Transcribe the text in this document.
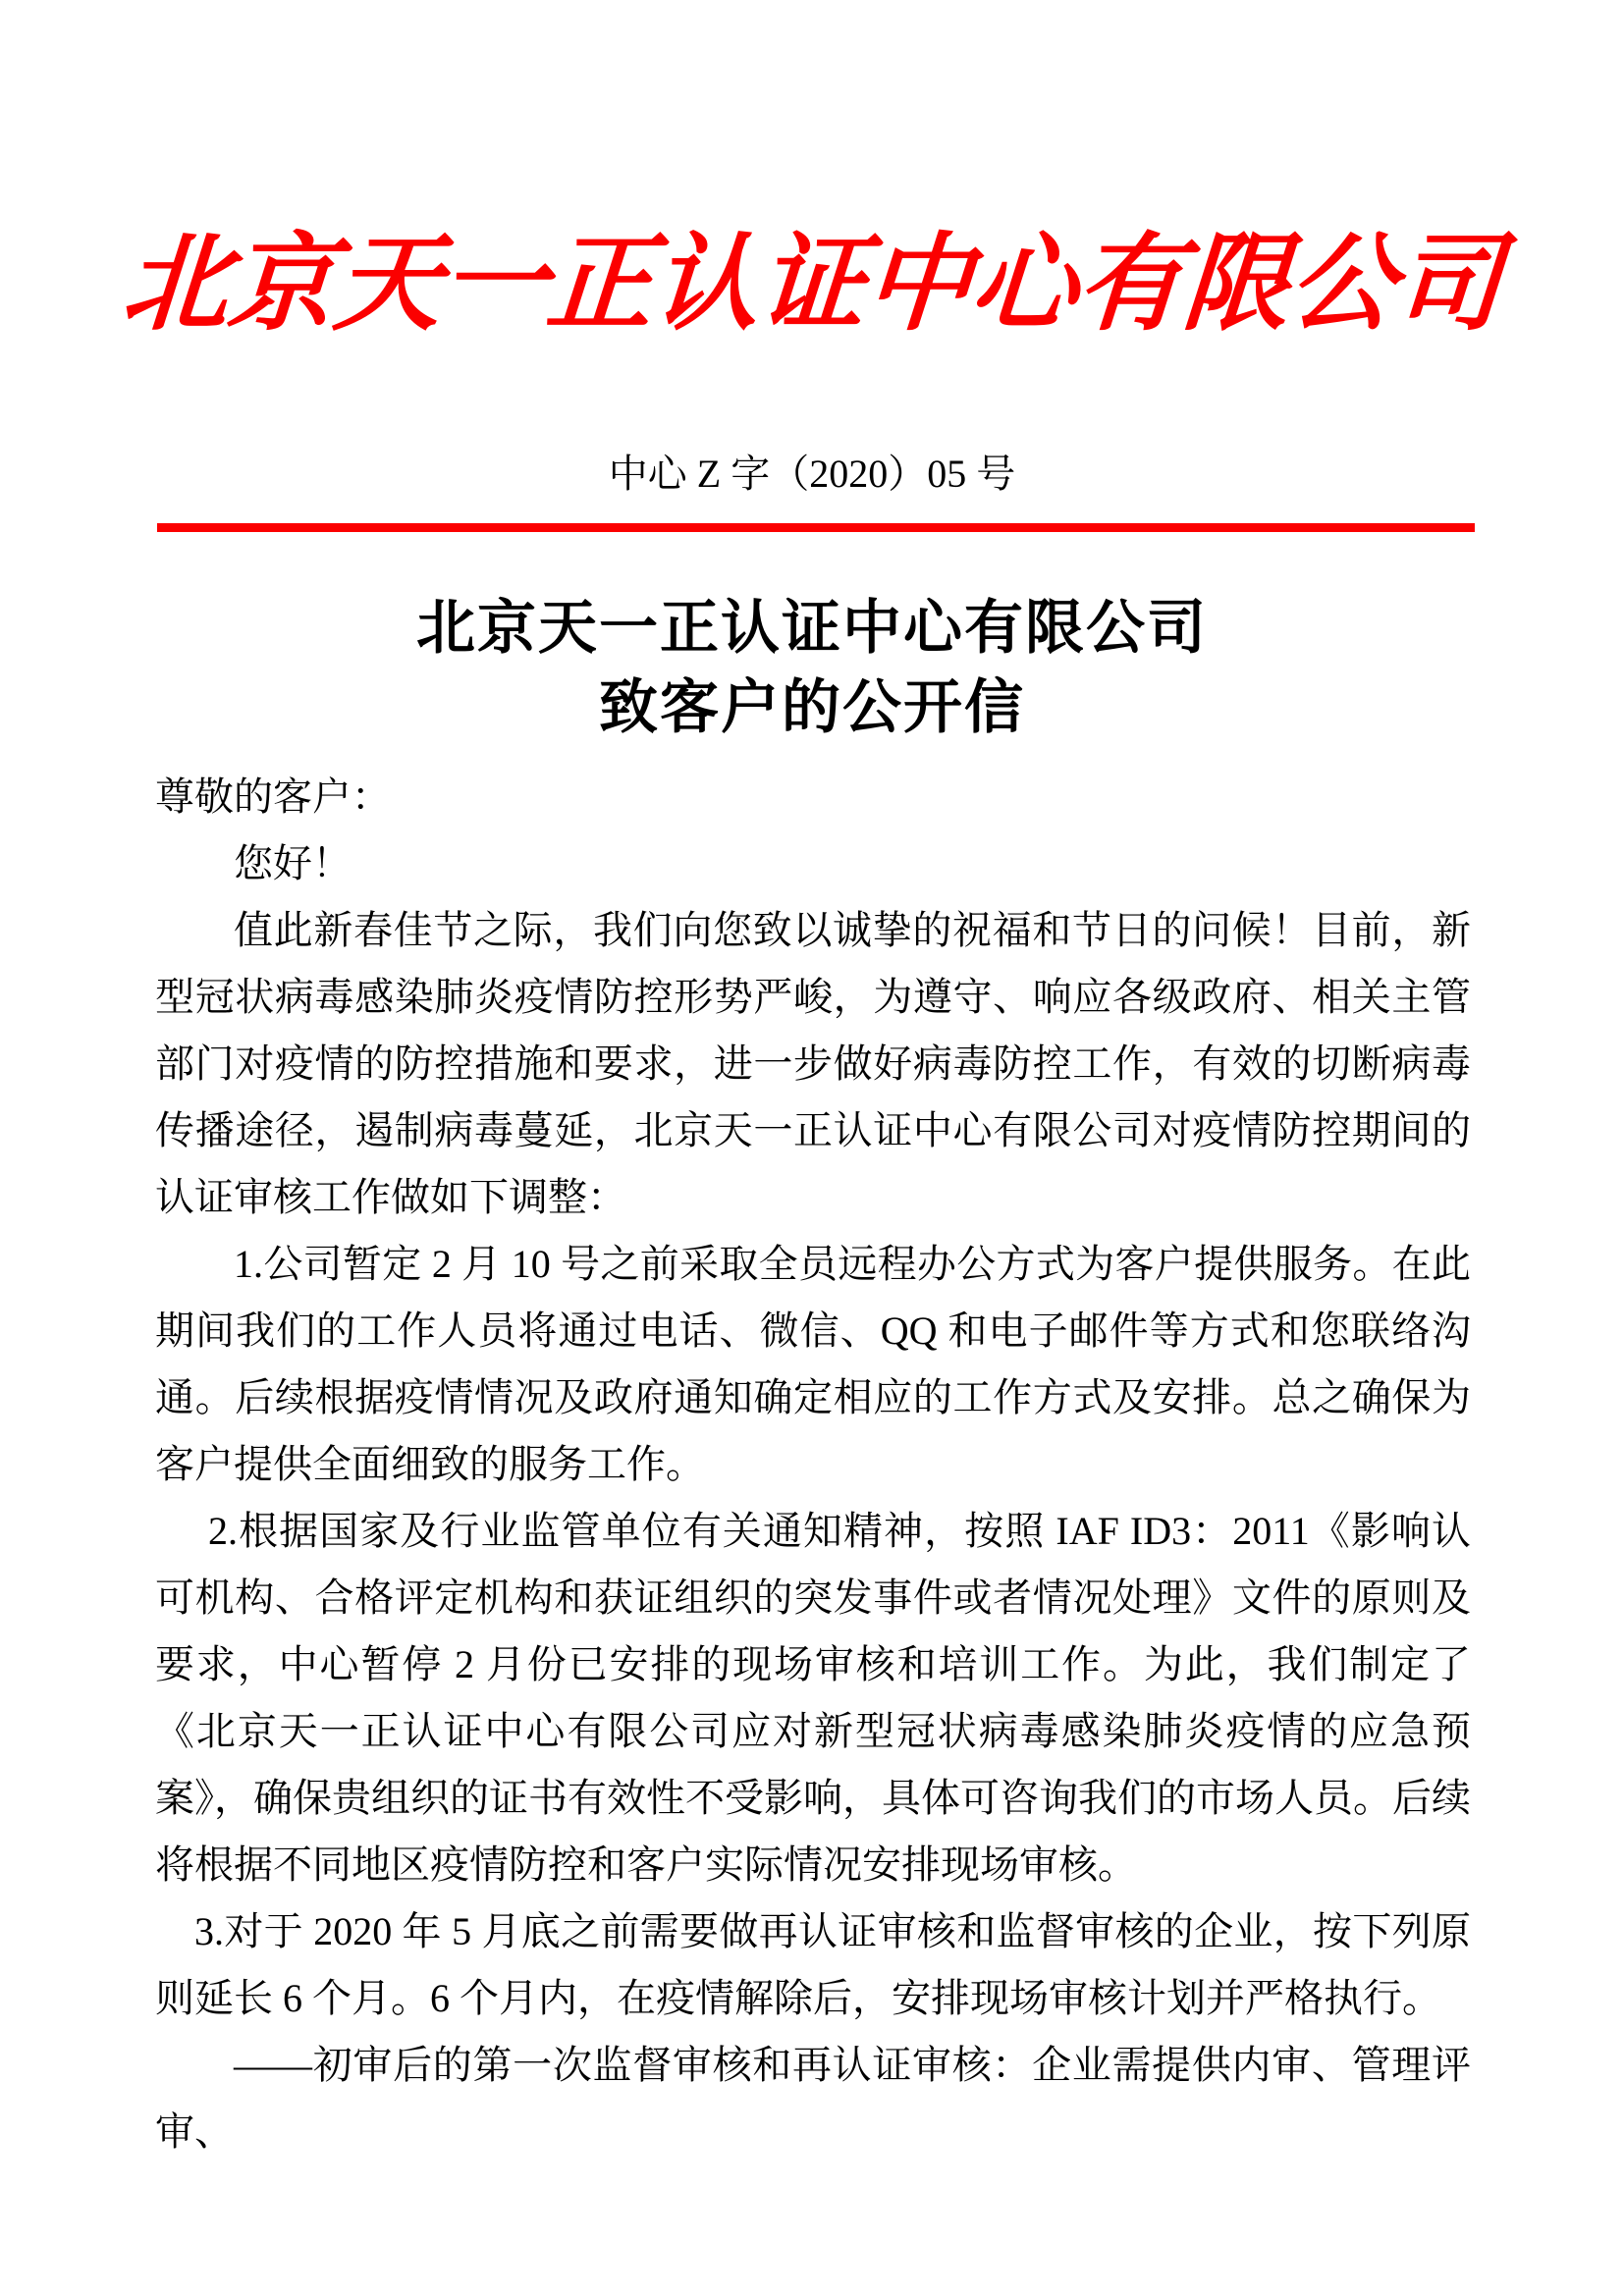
北京天一正认证中心有限公司
中心 Z 字（2020）05 号
北京天一正认证中心有限公司
致客户的公开信

尊敬的客户：

您好！

值此新春佳节之际，我们向您致以诚挚的祝福和节日的问候！目前，新型冠状病毒感染肺炎疫情防控形势严峻，为遵守、响应各级政府、相关主管部门对疫情的防控措施和要求，进一步做好病毒防控工作，有效的切断病毒传播途径，遏制病毒蔓延，北京天一正认证中心有限公司对疫情防控期间的认证审核工作做如下调整：

1.公司暂定 2 月 10 号之前采取全员远程办公方式为客户提供服务。在此期间我们的工作人员将通过电话、微信、QQ 和电子邮件等方式和您联络沟通。后续根据疫情情况及政府通知确定相应的工作方式及安排。总之确保为客户提供全面细致的服务工作。

2.根据国家及行业监管单位有关通知精神，按照 IAF ID3：2011《影响认可机构、合格评定机构和获证组织的突发事件或者情况处理》文件的原则及要求，中心暂停 2 月份已安排的现场审核和培训工作。为此，我们制定了《北京天一正认证中心有限公司应对新型冠状病毒感染肺炎疫情的应急预案》，确保贵组织的证书有效性不受影响，具体可咨询我们的市场人员。后续将根据不同地区疫情防控和客户实际情况安排现场审核。

3.对于 2020 年 5 月底之前需要做再认证审核和监督审核的企业，按下列原则延长 6 个月。6 个月内，在疫情解除后，安排现场审核计划并严格执行。

——初审后的第一次监督审核和再认证审核：企业需提供内审、管理评审、
